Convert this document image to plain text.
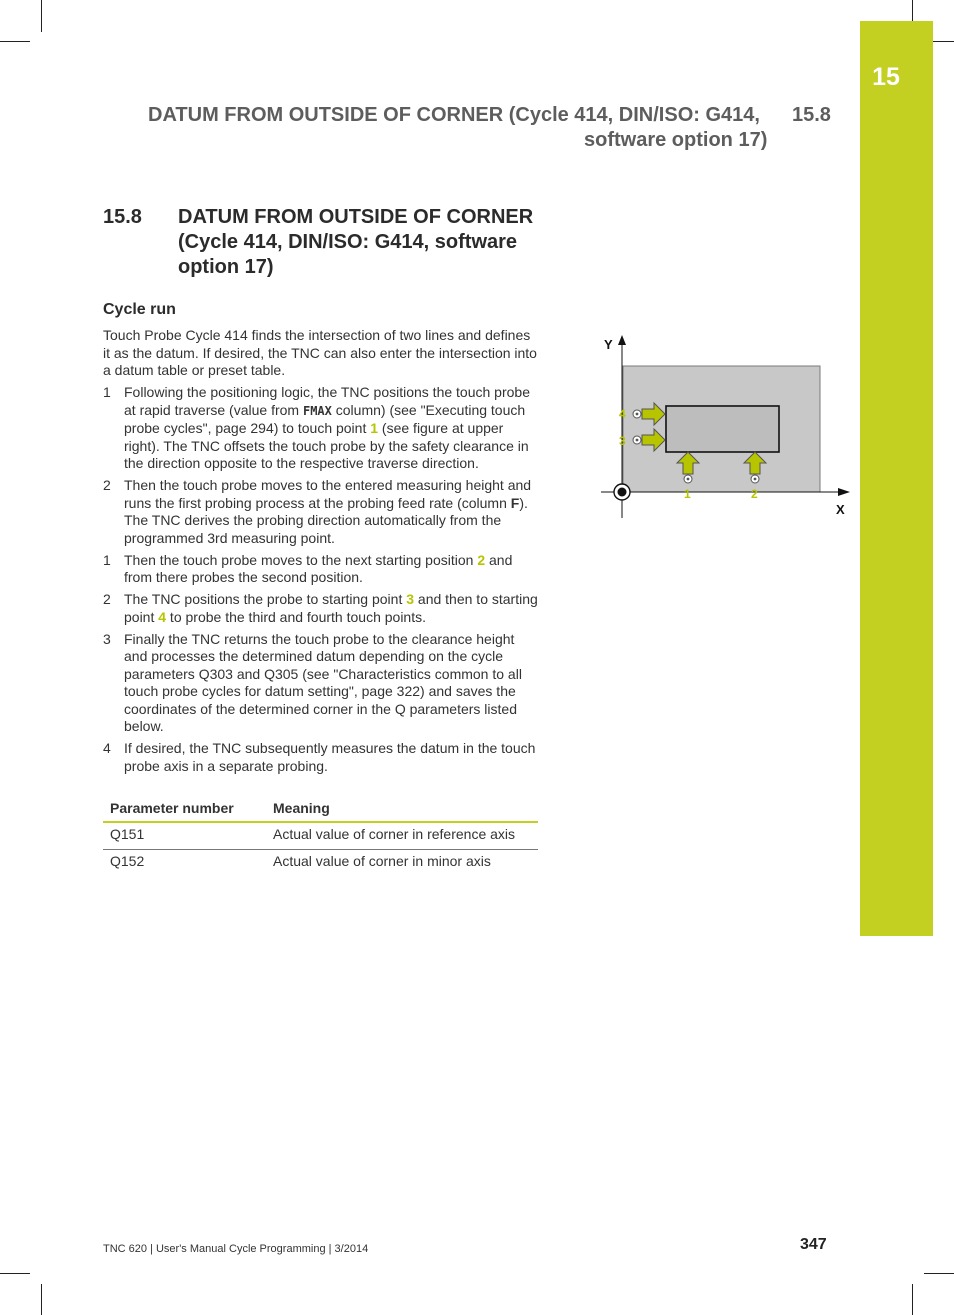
15
DATUM FROM OUTSIDE OF CORNER (Cycle 414, DIN/ISO: G414, 15.8
software option 17)
15.8 DATUM FROM OUTSIDE OF CORNER (Cycle 414, DIN/ISO: G414, software option 17)
Cycle run
Touch Probe Cycle 414 finds the intersection of two lines and defines it as the datum. If desired, the TNC can also enter the intersection into a datum table or preset table.
1 Following the positioning logic, the TNC positions the touch probe at rapid traverse (value from FMAX column) (see "Executing touch probe cycles", page 294) to touch point 1 (see figure at upper right). The TNC offsets the touch probe by the safety clearance in the direction opposite to the respective traverse direction.
2 Then the touch probe moves to the entered measuring height and runs the first probing process at the probing feed rate (column F). The TNC derives the probing direction automatically from the programmed 3rd measuring point.
1 Then the touch probe moves to the next starting position 2 and from there probes the second position.
2 The TNC positions the probe to starting point 3 and then to starting point 4 to probe the third and fourth touch points.
3 Finally the TNC returns the touch probe to the clearance height and processes the determined datum depending on the cycle parameters Q303 and Q305 (see "Characteristics common to all touch probe cycles for datum setting", page 322) and saves the coordinates of the determined corner in the Q parameters listed below.
4 If desired, the TNC subsequently measures the datum in the touch probe axis in a separate probing.
Parameter number	Meaning
Q151	Actual value of corner in reference axis
Q152	Actual value of corner in minor axis
Y
X
4
3
1	2
TNC 620 | User's Manual Cycle Programming | 3/2014	347
